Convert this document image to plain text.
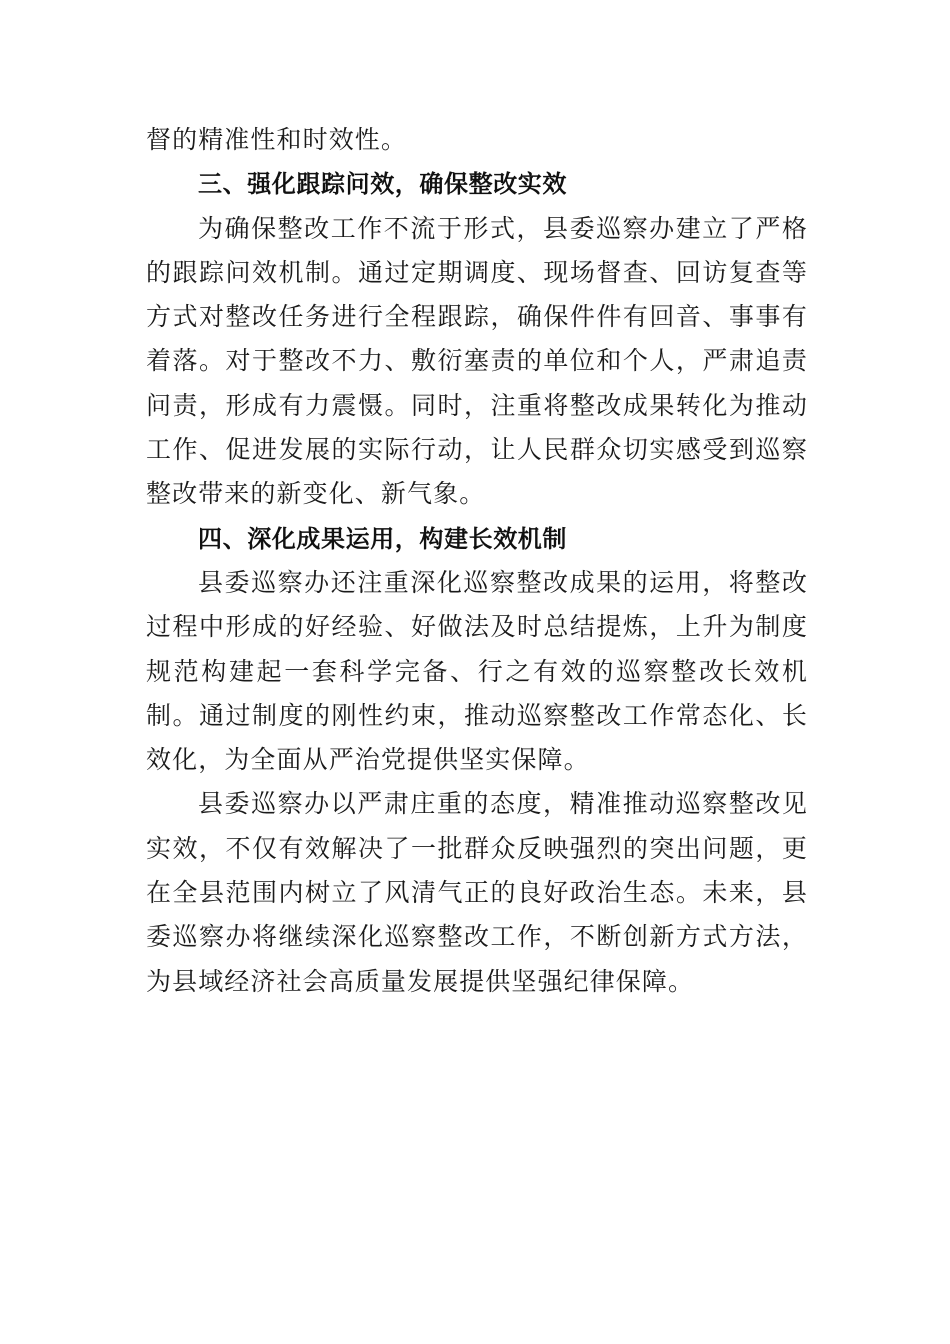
督的精准性和时效性。

三、强化跟踪问效，确保整改实效

为确保整改工作不流于形式，县委巡察办建立了严格的跟踪问效机制。通过定期调度、现场督查、回访复查等方式对整改任务进行全程跟踪，确保件件有回音、事事有着落。对于整改不力、敷衍塞责的单位和个人，严肃追责问责，形成有力震慑。同时，注重将整改成果转化为推动工作、促进发展的实际行动，让人民群众切实感受到巡察整改带来的新变化、新气象。

四、深化成果运用，构建长效机制

县委巡察办还注重深化巡察整改成果的运用，将整改过程中形成的好经验、好做法及时总结提炼，上升为制度规范构建起一套科学完备、行之有效的巡察整改长效机制。通过制度的刚性约束，推动巡察整改工作常态化、长效化，为全面从严治党提供坚实保障。

县委巡察办以严肃庄重的态度，精准推动巡察整改见实效，不仅有效解决了一批群众反映强烈的突出问题，更在全县范围内树立了风清气正的良好政治生态。未来，县委巡察办将继续深化巡察整改工作，不断创新方式方法，为县域经济社会高质量发展提供坚强纪律保障。
